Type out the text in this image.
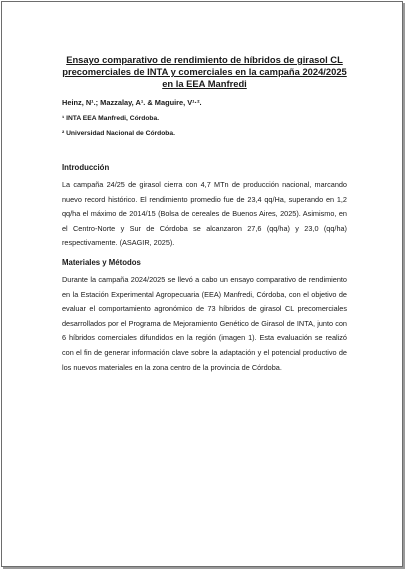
Ensayo comparativo de rendimiento de híbridos de girasol CL precomerciales de INTA y comerciales en la campaña 2024/2025 en la EEA Manfredi
Heinz, N¹.; Mazzalay, A¹. & Maguire, V¹·².
¹ INTA EEA Manfredi, Córdoba.
² Universidad Nacional de Córdoba.
Introducción

La campaña 24/25 de girasol cierra con 4,7 MTn de producción nacional, marcando nuevo record histórico. El rendimiento promedio fue de 23,4 qq/Ha, superando en 1,2 qq/ha el máximo de 2014/15 (Bolsa de cereales de Buenos Aires, 2025). Asimismo, en el Centro-Norte y Sur de Córdoba se alcanzaron 27,6 (qq/ha) y 23,0 (qq/ha) respectivamente. (ASAGIR, 2025).

Materiales y Métodos

Durante la campaña 2024/2025 se llevó a cabo un ensayo comparativo de rendimiento en la Estación Experimental Agropecuaria (EEA) Manfredi, Córdoba, con el objetivo de evaluar el comportamiento agronómico de 73 híbridos de girasol CL precomerciales desarrollados por el Programa de Mejoramiento Genético de Girasol de INTA, junto con 6 híbridos comerciales difundidos en la región (imagen 1). Esta evaluación se realizó con el fin de generar información clave sobre la adaptación y el potencial productivo de los nuevos materiales en la zona centro de la provincia de Córdoba.
